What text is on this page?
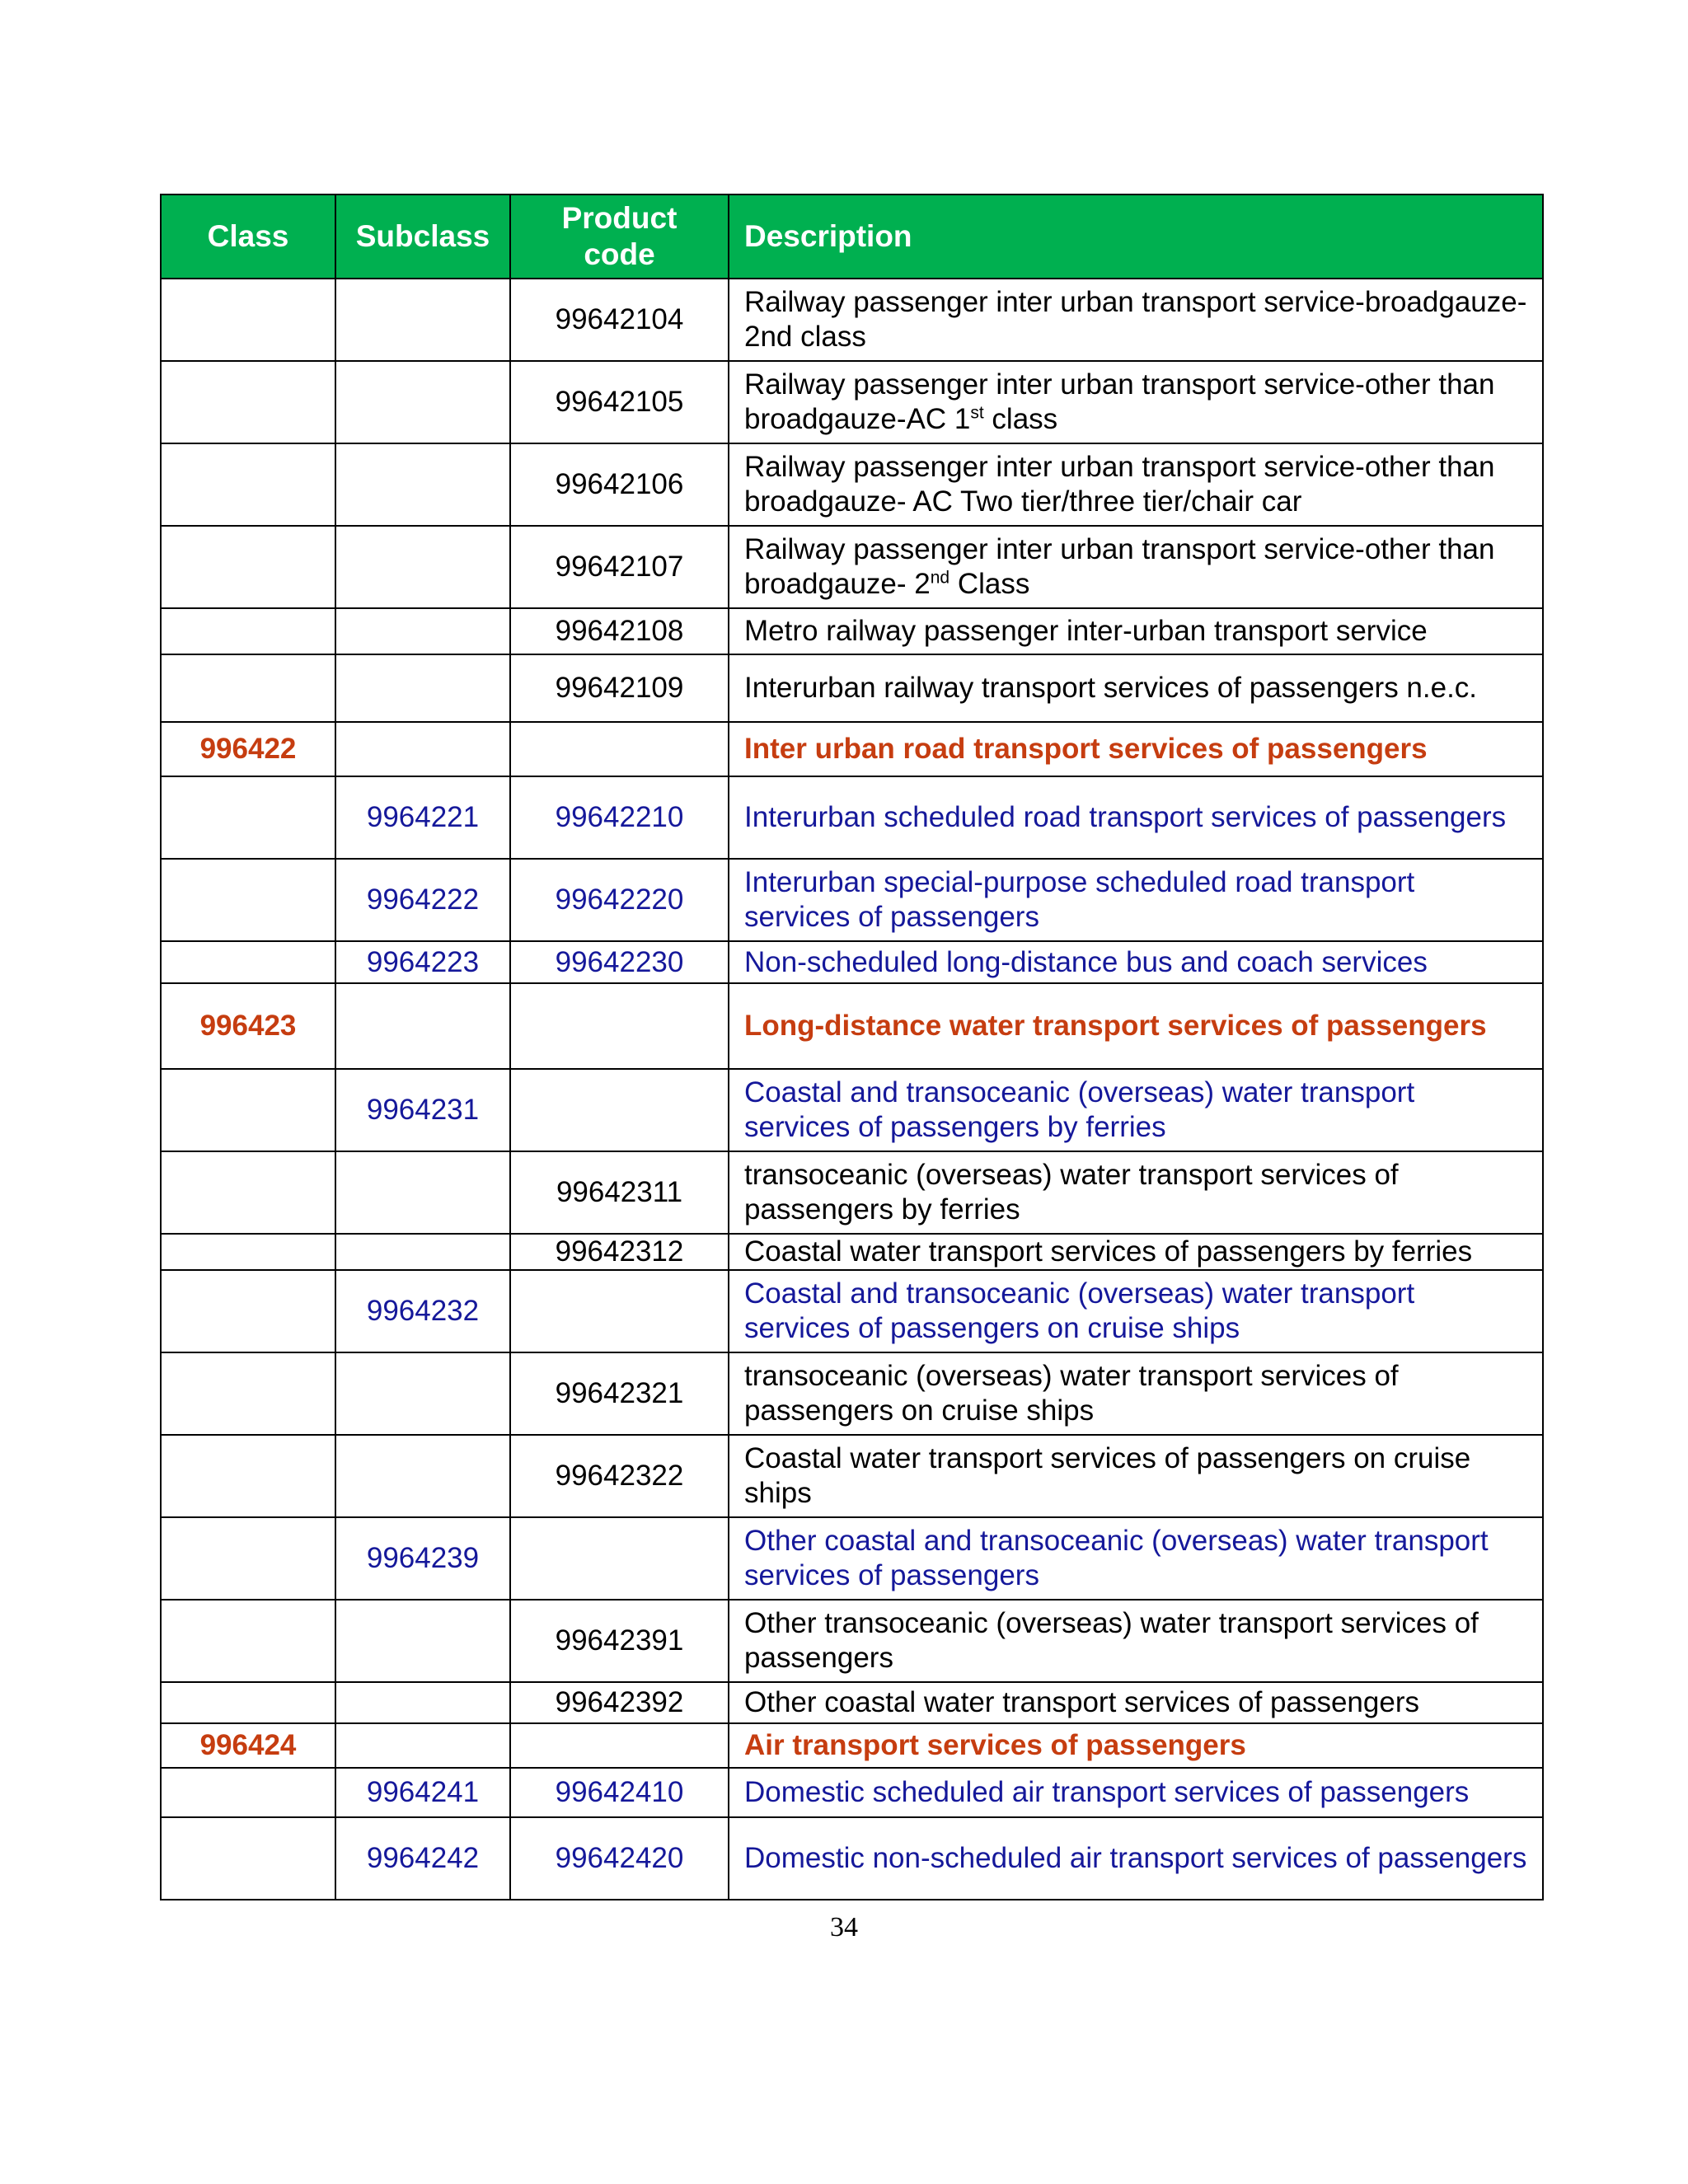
Class	Subclass	Product code	Description
		99642104	Railway passenger inter urban transport service-broadgauze-2nd class
		99642105	Railway passenger inter urban transport service-other than broadgauze-AC 1st class
		99642106	Railway passenger inter urban transport service-other than broadgauze- AC Two tier/three tier/chair car
		99642107	Railway passenger inter urban transport service-other than broadgauze- 2nd Class
		99642108	Metro railway passenger inter-urban transport service
		99642109	Interurban railway transport services of passengers n.e.c.
996422			Inter urban road transport services of passengers
	9964221	99642210	Interurban scheduled road transport services of passengers
	9964222	99642220	Interurban special-purpose scheduled road transport services of passengers
	9964223	99642230	Non-scheduled long-distance bus and coach services
996423			Long-distance water transport services of passengers
	9964231		Coastal and transoceanic (overseas) water transport services of passengers by ferries
		99642311	transoceanic (overseas) water transport services of passengers by ferries
		99642312	Coastal water transport services of passengers by ferries
	9964232		Coastal and transoceanic (overseas) water transport services of passengers on cruise ships
		99642321	transoceanic (overseas) water transport services of passengers on cruise ships
		99642322	Coastal water transport services of passengers on cruise ships
	9964239		Other coastal and transoceanic (overseas) water transport services of passengers
		99642391	Other transoceanic (overseas) water transport services of passengers
		99642392	Other coastal water transport services of passengers
996424			Air transport services of passengers
	9964241	99642410	Domestic scheduled air transport services of passengers
	9964242	99642420	Domestic non-scheduled air transport services of passengers
34
